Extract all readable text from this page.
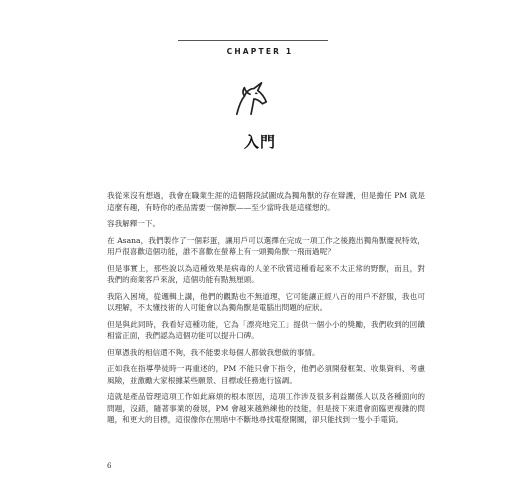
CHAPTER 1
入門

我從來沒有想過，我會在職業生涯的這個階段試圖成為獨角獸的存在辯護，但是擔任 PM 就是這麼有趣，有時你的產品需要一個神獸——至少當時我是這樣想的。

容我解釋一下。

在 Asana，我們製作了一個彩蛋，讓用戶可以選擇在完成一項工作之後跑出獨角獸慶祝特效，用戶很喜歡這個功能，誰不喜歡在螢幕上有一頭獨角獸一飛而過呢？

但是事實上，那些說以為這種效果是病毒的人並不欣賞這種看起來不太正常的野獸，而且，對我們的商業客戶來說，這個功能有點無厘頭。

我陷入困境，從邏輯上講，他們的觀點也不無道理，它可能讓正經八百的用戶不舒服，我也可以理解，不太懂技術的人可能會以為獨角獸是電腦出問題的症狀。

但是與此同時，我看好這種功能，它為「漂亮地完工」提供一個小小的獎勵，我們收到的回饋相當正面，我們認為這個功能可以提升口碑。

但單憑我的相信還不夠，我不能要求每個人都做我想做的事情。

正如我在指導學徒時一再重述的，PM 不能只會下指令，他們必須開發框架、收集資料、考慮風險，並激勵大家根據某些願景、目標或任務進行協調。

這就是產品管理這項工作如此麻煩的根本原因，這項工作涉及很多利益關係人以及各種面向的問題，沒錯，隨著事業的發展，PM 會越來越熟練他的技能，但是接下來還會面臨更複雜的問題，和更大的目標，這很像你在黑暗中不斷地尋找電燈開關，卻只能找到一隻小手電筒。

6
